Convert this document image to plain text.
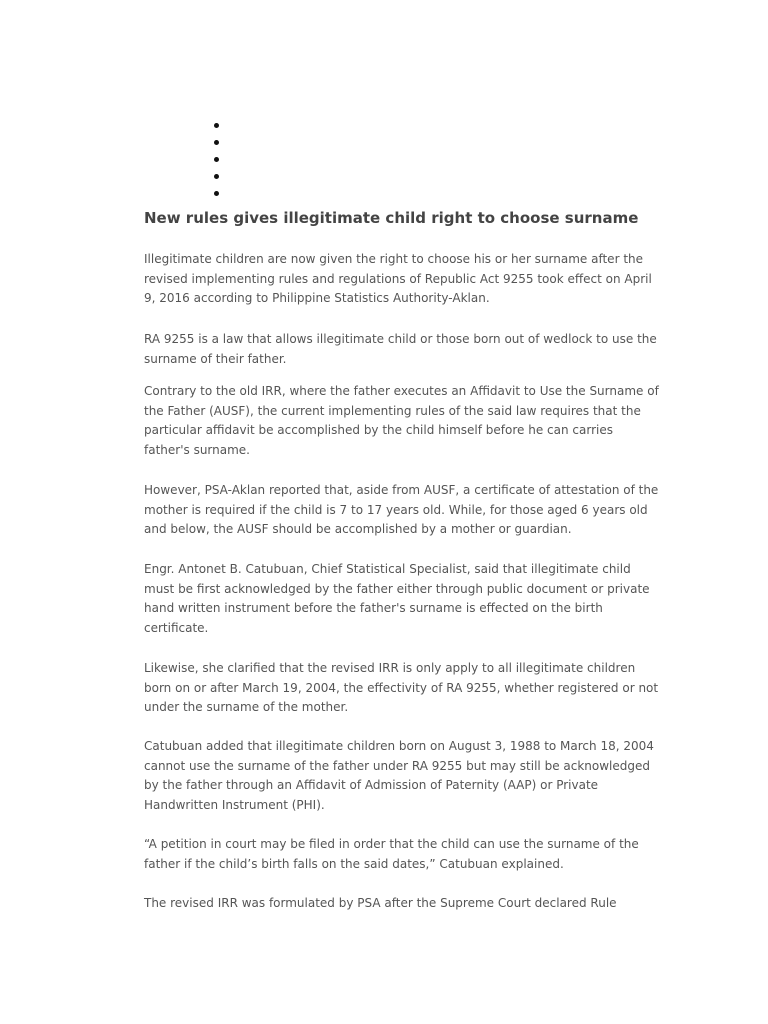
New rules gives illegitimate child right to choose surname

Illegitimate children are now given the right to choose his or her surname after the
revised implementing rules and regulations of Republic Act 9255 took effect on April
9, 2016 according to Philippine Statistics Authority-Aklan.

RA 9255 is a law that allows illegitimate child or those born out of wedlock to use the
surname of their father.

Contrary to the old IRR, where the father executes an Affidavit to Use the Surname of
the Father (AUSF), the current implementing rules of the said law requires that the
particular affidavit be accomplished by the child himself before he can carries
father's surname.

However, PSA-Aklan reported that, aside from AUSF, a certificate of attestation of the
mother is required if the child is 7 to 17 years old. While, for those aged 6 years old
and below, the AUSF should be accomplished by a mother or guardian.

Engr. Antonet B. Catubuan, Chief Statistical Specialist, said that illegitimate child
must be first acknowledged by the father either through public document or private
hand written instrument before the father's surname is effected on the birth
certificate.

Likewise, she clarified that the revised IRR is only apply to all illegitimate children
born on or after March 19, 2004, the effectivity of RA 9255, whether registered or not
under the surname of the mother.

Catubuan added that illegitimate children born on August 3, 1988 to March 18, 2004
cannot use the surname of the father under RA 9255 but may still be acknowledged
by the father through an Affidavit of Admission of Paternity (AAP) or Private
Handwritten Instrument (PHI).

“A petition in court may be filed in order that the child can use the surname of the
father if the child’s birth falls on the said dates,” Catubuan explained.

The revised IRR was formulated by PSA after the Supreme Court declared Rule
